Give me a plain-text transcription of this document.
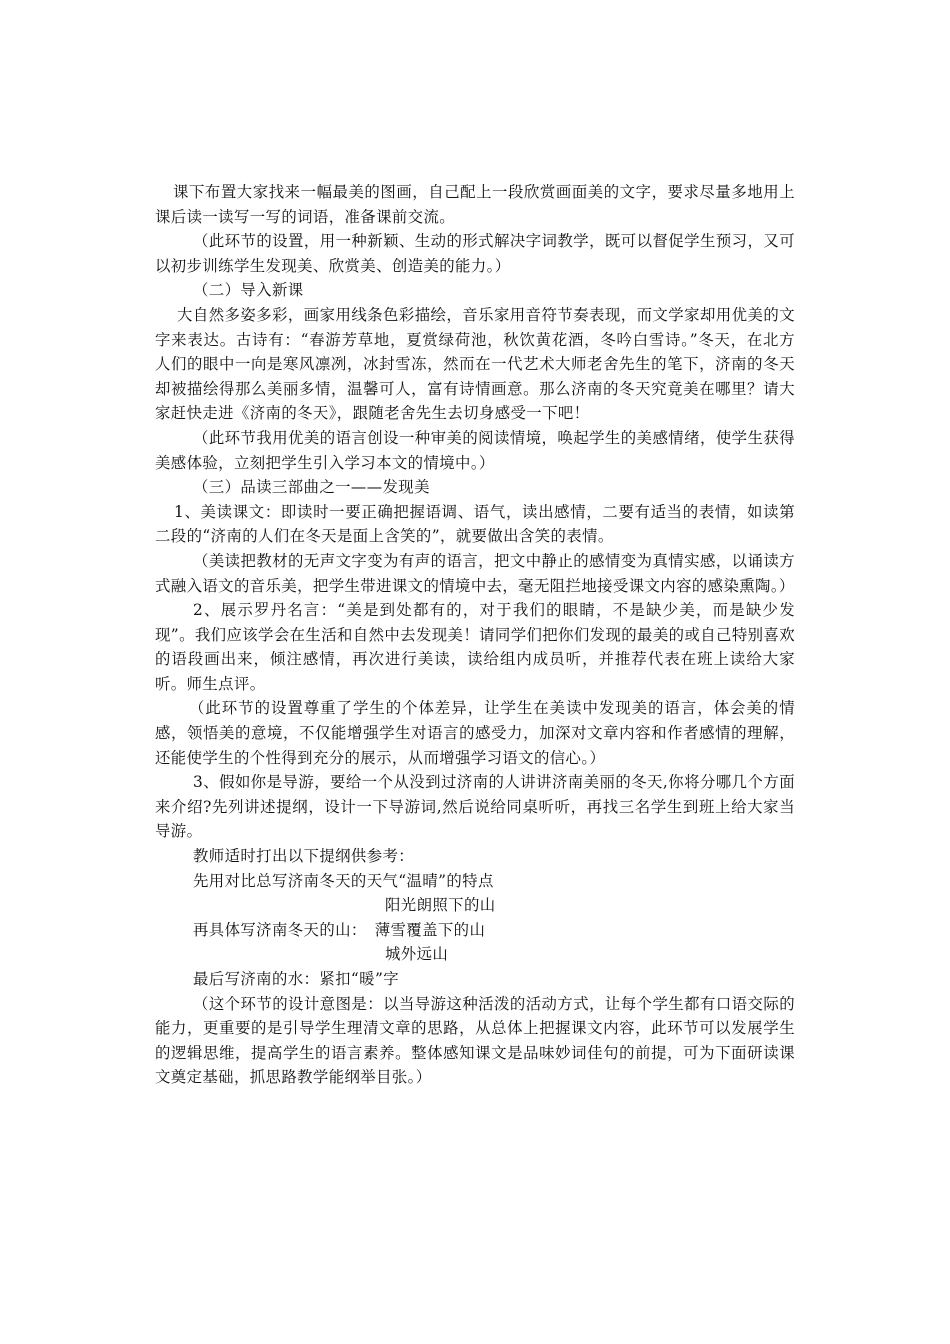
课下布置大家找来一幅最美的图画，自己配上一段欣赏画面美的文字，要求尽量多地用上课后读一读写一写的词语，准备课前交流。

（此环节的设置，用一种新颖、生动的形式解决字词教学，既可以督促学生预习，又可以初步训练学生发现美、欣赏美、创造美的能力。）

（二）导入新课

大自然多姿多彩，画家用线条色彩描绘，音乐家用音符节奏表现，而文学家却用优美的文字来表达。古诗有：“春游芳草地，夏赏绿荷池，秋饮黄花酒，冬吟白雪诗。”冬天，在北方人们的眼中一向是寒风凛冽，冰封雪冻，然而在一代艺术大师老舍先生的笔下，济南的冬天却被描绘得那么美丽多情，温馨可人，富有诗情画意。那么济南的冬天究竟美在哪里？请大家赶快走进《济南的冬天》，跟随老舍先生去切身感受一下吧！

（此环节我用优美的语言创设一种审美的阅读情境，唤起学生的美感情绪，使学生获得美感体验，立刻把学生引入学习本文的情境中。）

（三）品读三部曲之一——发现美

1、美读课文：即读时一要正确把握语调、语气，读出感情，二要有适当的表情，如读第二段的“济南的人们在冬天是面上含笑的”，就要做出含笑的表情。

（美读把教材的无声文字变为有声的语言，把文中静止的感情变为真情实感，以诵读方式融入语文的音乐美，把学生带进课文的情境中去，毫无阻拦地接受课文内容的感染熏陶。）

2、展示罗丹名言：“美是到处都有的，对于我们的眼睛，不是缺少美，而是缺少发现”。我们应该学会在生活和自然中去发现美！请同学们把你们发现的最美的或自己特别喜欢的语段画出来，倾注感情，再次进行美读，读给组内成员听，并推荐代表在班上读给大家听。师生点评。

（此环节的设置尊重了学生的个体差异，让学生在美读中发现美的语言，体会美的情感，领悟美的意境，不仅能增强学生对语言的感受力，加深对文章内容和作者感情的理解，还能使学生的个性得到充分的展示，从而增强学习语文的信心。）

3、假如你是导游，要给一个从没到过济南的人讲讲济南美丽的冬天,你将分哪几个方面来介绍?先列讲述提纲，设计一下导游词,然后说给同桌听听，再找三名学生到班上给大家当导游。

教师适时打出以下提纲供参考：

先用对比总写济南冬天的天气“温晴”的特点

阳光朗照下的山

再具体写济南冬天的山： 薄雪覆盖下的山

城外远山

最后写济南的水：紧扣“暖”字

（这个环节的设计意图是：以当导游这种活泼的活动方式，让每个学生都有口语交际的能力，更重要的是引导学生理清文章的思路，从总体上把握课文内容，此环节可以发展学生的逻辑思维，提高学生的语言素养。整体感知课文是品味妙词佳句的前提，可为下面研读课文奠定基础，抓思路教学能纲举目张。）
